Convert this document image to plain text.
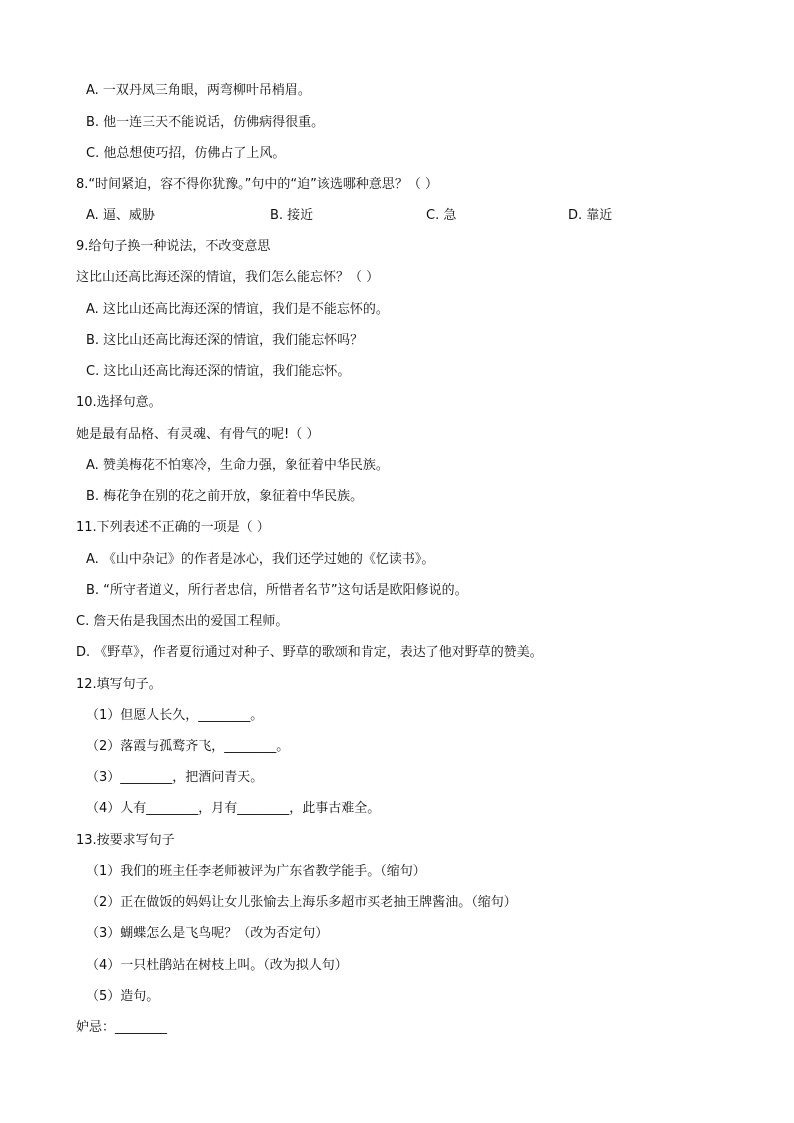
A. 一双丹凤三角眼，两弯柳叶吊梢眉。
B. 他一连三天不能说话，仿佛病得很重。
C. 他总想使巧招，仿佛占了上风。
8.“时间紧迫，容不得你犹豫。”句中的“迫”该选哪种意思？（ ）
A. 逼、威胁	B. 接近	C. 急	D. 靠近
9.给句子换一种说法，不改变意思
这比山还高比海还深的情谊，我们怎么能忘怀？（ ）
A. 这比山还高比海还深的情谊，我们是不能忘怀的。
B. 这比山还高比海还深的情谊，我们能忘怀吗？
C. 这比山还高比海还深的情谊，我们能忘怀。
10.选择句意。
她是最有品格、有灵魂、有骨气的呢!（ ）
A. 赞美梅花不怕寒冷，生命力强，象征着中华民族。
B. 梅花争在别的花之前开放，象征着中华民族。
11.下列表述不正确的一项是（ ）
A. 《山中杂记》的作者是冰心，我们还学过她的《忆读书》。
B. “所守者道义，所行者忠信，所惜者名节”这句话是欧阳修说的。
C. 詹天佑是我国杰出的爱国工程师。
D. 《野草》，作者夏衍通过对种子、野草的歌颂和肯定，表达了他对野草的赞美。
12.填写句子。
（1）但愿人长久，________。
（2）落霞与孤鹜齐飞，________。
（3）________，把酒问青天。
（4）人有________，月有________，此事古难全。
13.按要求写句子
（1）我们的班主任李老师被评为广东省教学能手。（缩句）
（2）正在做饭的妈妈让女儿张愉去上海乐多超市买老抽王牌酱油。（缩句）
（3）蝴蝶怎么是飞鸟呢？（改为否定句）
（4）一只杜鹃站在树枝上叫。（改为拟人句）
（5）造句。
妒忌：________
